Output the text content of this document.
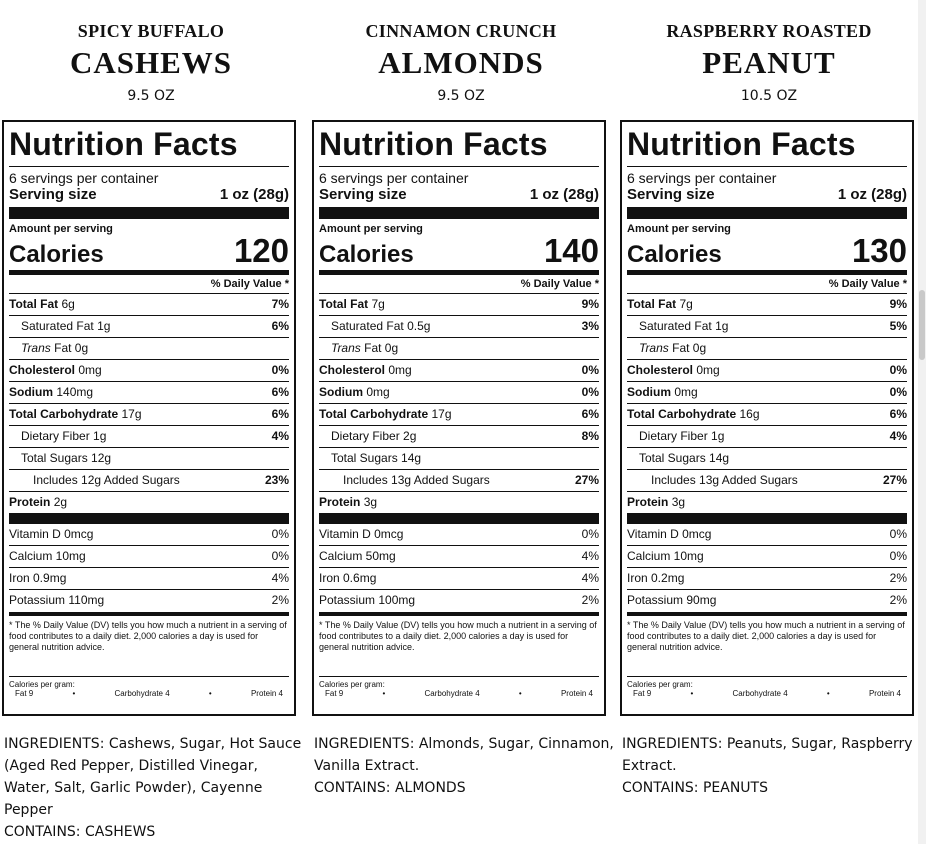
SPICY BUFFALO
CASHEWS
9.5 OZ
Nutrition Facts
6 servings per container
Serving size	1 oz (28g)
Amount per serving
Calories	120
% Daily Value *
Total Fat 6g	7%
Saturated Fat 1g	6%
Trans Fat 0g
Cholesterol 0mg	0%
Sodium 140mg	6%
Total Carbohydrate 17g	6%
Dietary Fiber 1g	4%
Total Sugars 12g
Includes 12g Added Sugars	23%
Protein 2g
Vitamin D 0mcg	0%
Calcium 10mg	0%
Iron 0.9mg	4%
Potassium 110mg	2%
* The % Daily Value (DV) tells you how much a nutrient in a serving of food contributes to a daily diet. 2,000 calories a day is used for general nutrition advice.
Calories per gram:
Fat 9	•	Carbohydrate 4	•	Protein 4
INGREDIENTS: Cashews, Sugar, Hot Sauce (Aged Red Pepper, Distilled Vinegar, Water, Salt, Garlic Powder), Cayenne Pepper
CONTAINS: CASHEWS
CINNAMON CRUNCH
ALMONDS
9.5 OZ
Nutrition Facts
6 servings per container
Serving size	1 oz (28g)
Amount per serving
Calories	140
% Daily Value *
Total Fat 7g	9%
Saturated Fat 0.5g	3%
Trans Fat 0g
Cholesterol 0mg	0%
Sodium 0mg	0%
Total Carbohydrate 17g	6%
Dietary Fiber 2g	8%
Total Sugars 14g
Includes 13g Added Sugars	27%
Protein 3g
Vitamin D 0mcg	0%
Calcium 50mg	4%
Iron 0.6mg	4%
Potassium 100mg	2%
* The % Daily Value (DV) tells you how much a nutrient in a serving of food contributes to a daily diet. 2,000 calories a day is used for general nutrition advice.
Calories per gram:
Fat 9	•	Carbohydrate 4	•	Protein 4
INGREDIENTS: Almonds, Sugar, Cinnamon, Vanilla Extract.
CONTAINS: ALMONDS
RASPBERRY ROASTED
PEANUT
10.5 OZ
Nutrition Facts
6 servings per container
Serving size	1 oz (28g)
Amount per serving
Calories	130
% Daily Value *
Total Fat 7g	9%
Saturated Fat 1g	5%
Trans Fat 0g
Cholesterol 0mg	0%
Sodium 0mg	0%
Total Carbohydrate 16g	6%
Dietary Fiber 1g	4%
Total Sugars 14g
Includes 13g Added Sugars	27%
Protein 3g
Vitamin D 0mcg	0%
Calcium 10mg	0%
Iron 0.2mg	2%
Potassium 90mg	2%
* The % Daily Value (DV) tells you how much a nutrient in a serving of food contributes to a daily diet. 2,000 calories a day is used for general nutrition advice.
Calories per gram:
Fat 9	•	Carbohydrate 4	•	Protein 4
INGREDIENTS: Peanuts, Sugar, Raspberry Extract.
CONTAINS: PEANUTS
